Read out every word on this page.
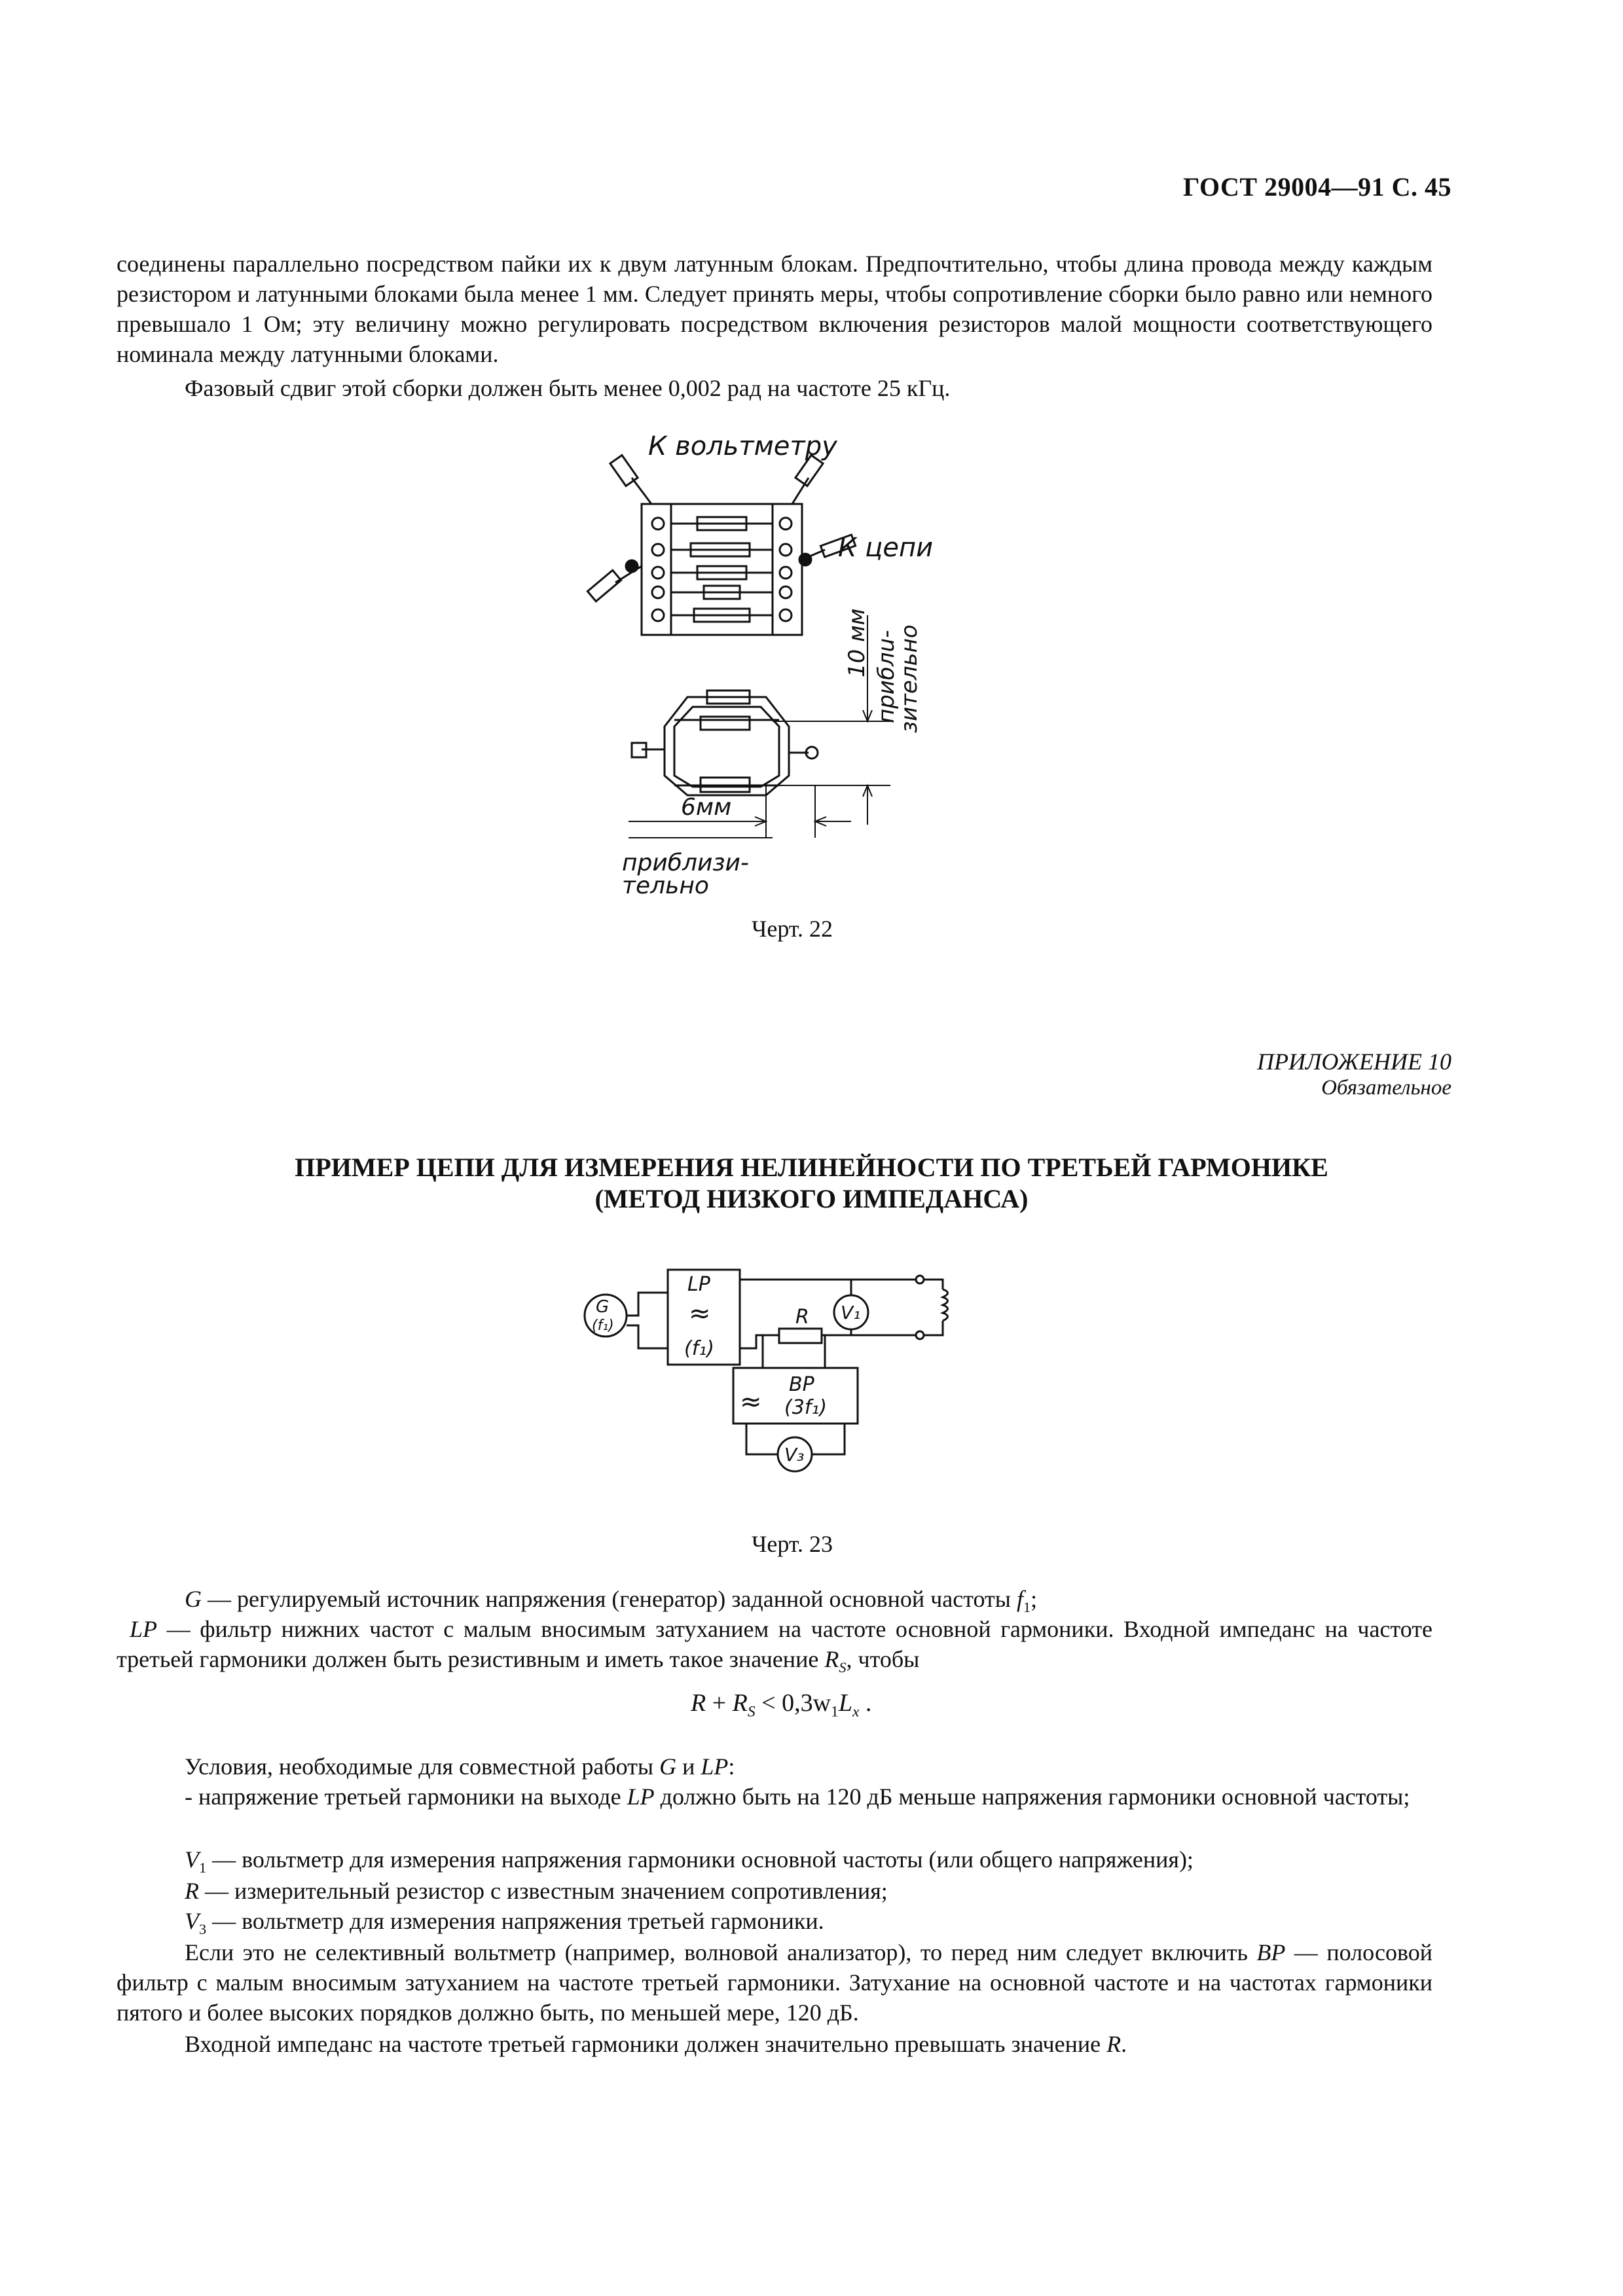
ГОСТ 29004—91 С. 45
соединены параллельно посредством пайки их к двум латунным блокам. Предпочтительно, чтобы длина провода между каждым резистором и латунными блоками была менее 1 мм. Следует принять меры, чтобы сопротивление сборки было равно или немного превышало 1 Ом; эту величину можно регулировать посредством включения резисторов малой мощности соответствующего номинала между латунными блоками.
Фазовый сдвиг этой сборки должен быть менее 0,002 рад на частоте 25 кГц.
К вольтметру
К цепи
10 мм приблu-
зительно
6мм
приблизи-
тельно
Черт. 22
ПРИЛОЖЕНИЕ 10
Обязательное
ПРИМЕР ЦЕПИ ДЛЯ ИЗМЕРЕНИЯ НЕЛИНЕЙНОСТИ ПО ТРЕТЬЕЙ ГАРМОНИКЕ
(МЕТОД НИЗКОГО ИМПЕДАНСА)
G
(f₁)
LP
≈
(f₁)
R V₁
≈
BP
(3f₁)
V₃
Черт. 23
G — регулируемый источник напряжения (генератор) заданной основной частоты $f_1$;
LP — фильтр нижних частот с малым вносимым затуханием на частоте основной гармоники. Входной импеданс на частоте третьей гармоники должен быть резистивным и иметь такое значение $R_S$, чтобы
$R + R_S < 0,3w_1L_x$ .
Условия, необходимые для совместной работы G и LP:
- напряжение третьей гармоники на выходе LP должно быть на 120 дБ меньше напряжения гармоники основной частоты;
$V_1$ — вольтметр для измерения напряжения гармоники основной частоты (или общего напряжения);
R — измерительный резистор с известным значением сопротивления;
$V_3$ — вольтметр для измерения напряжения третьей гармоники.
Если это не селективный вольтметр (например, волновой анализатор), то перед ним следует включить BP — полосовой фильтр с малым вносимым затуханием на частоте третьей гармоники. Затухание на основной частоте и на частотах гармоники пятого и более высоких порядков должно быть, по меньшей мере, 120 дБ.
Входной импеданс на частоте третьей гармоники должен значительно превышать значение R.
